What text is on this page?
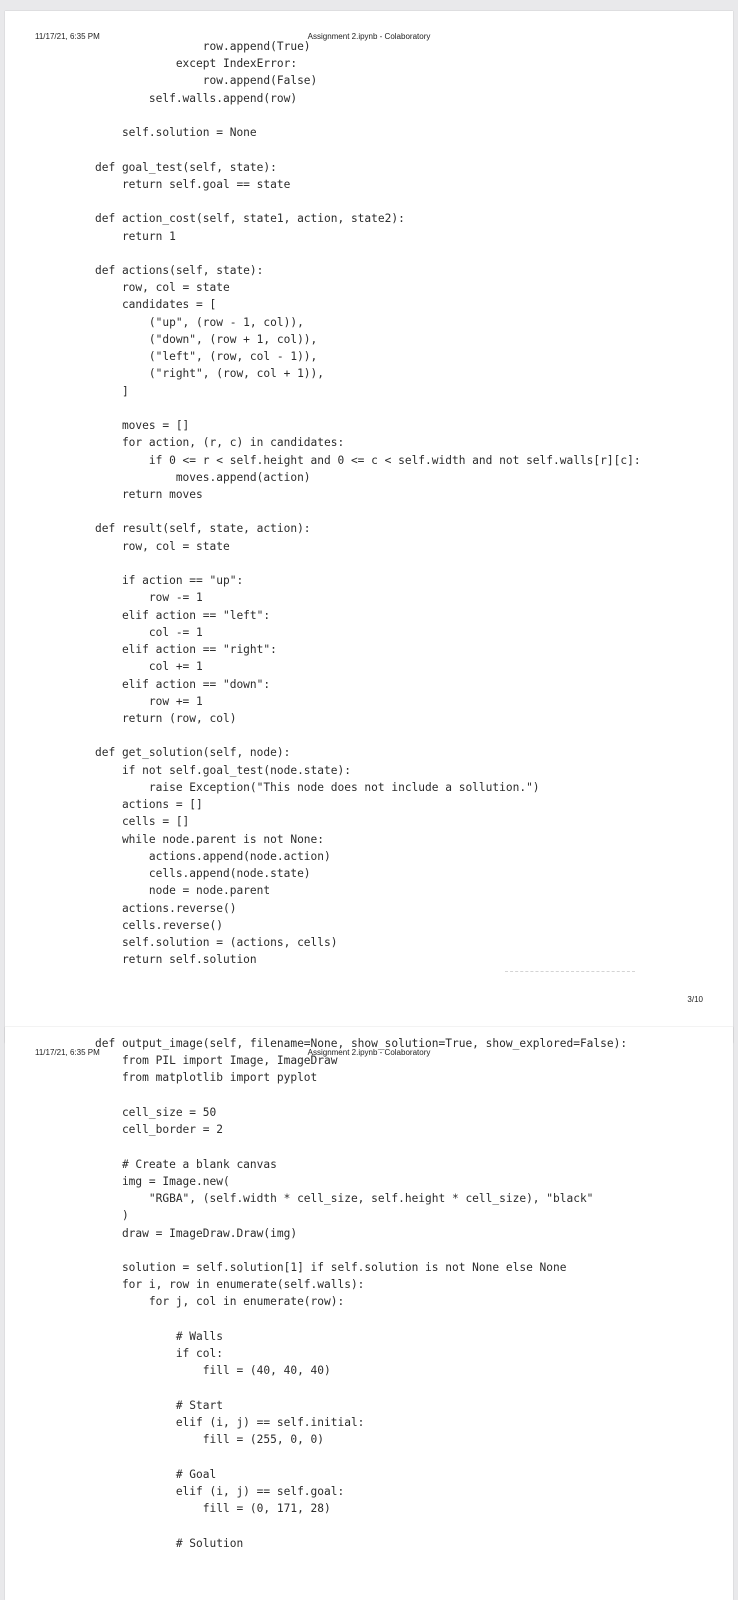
11/17/21, 6:35 PM	Assignment 2.ipynb - Colaboratory
row.append(True)
except IndexError:
row.append(False)
self.walls.append(row)
self.solution = None
def goal_test(self, state):
return self.goal == state
def action_cost(self, state1, action, state2):
return 1
def actions(self, state):
row, col = state
candidates = [
("up", (row - 1, col)),
("down", (row + 1, col)),
("left", (row, col - 1)),
("right", (row, col + 1)),
]
moves = []
for action, (r, c) in candidates:
if 0 <= r < self.height and 0 <= c < self.width and not self.walls[r][c]:
moves.append(action)
return moves
def result(self, state, action):
row, col = state
if action == "up":
row -= 1
elif action == "left":
col -= 1
elif action == "right":
col += 1
elif action == "down":
row += 1
return (row, col)
def get_solution(self, node):
if not self.goal_test(node.state):
raise Exception("This node does not include a sollution.")
actions = []
cells = []
while node.parent is not None:
actions.append(node.action)
cells.append(node.state)
node = node.parent
actions.reverse()
cells.reverse()
self.solution = (actions, cells)
return self.solution
3/10
11/17/21, 6:35 PM	Assignment 2.ipynb - Colaboratory
def output_image(self, filename=None, show_solution=True, show_explored=False):
from PIL import Image, ImageDraw
from matplotlib import pyplot
cell_size = 50
cell_border = 2
# Create a blank canvas
img = Image.new(
"RGBA", (self.width * cell_size, self.height * cell_size), "black"
)
draw = ImageDraw.Draw(img)
solution = self.solution[1] if self.solution is not None else None
for i, row in enumerate(self.walls):
for j, col in enumerate(row):
# Walls
if col:
fill = (40, 40, 40)
# Start
elif (i, j) == self.initial:
fill = (255, 0, 0)
# Goal
elif (i, j) == self.goal:
fill = (0, 171, 28)
# Solution
